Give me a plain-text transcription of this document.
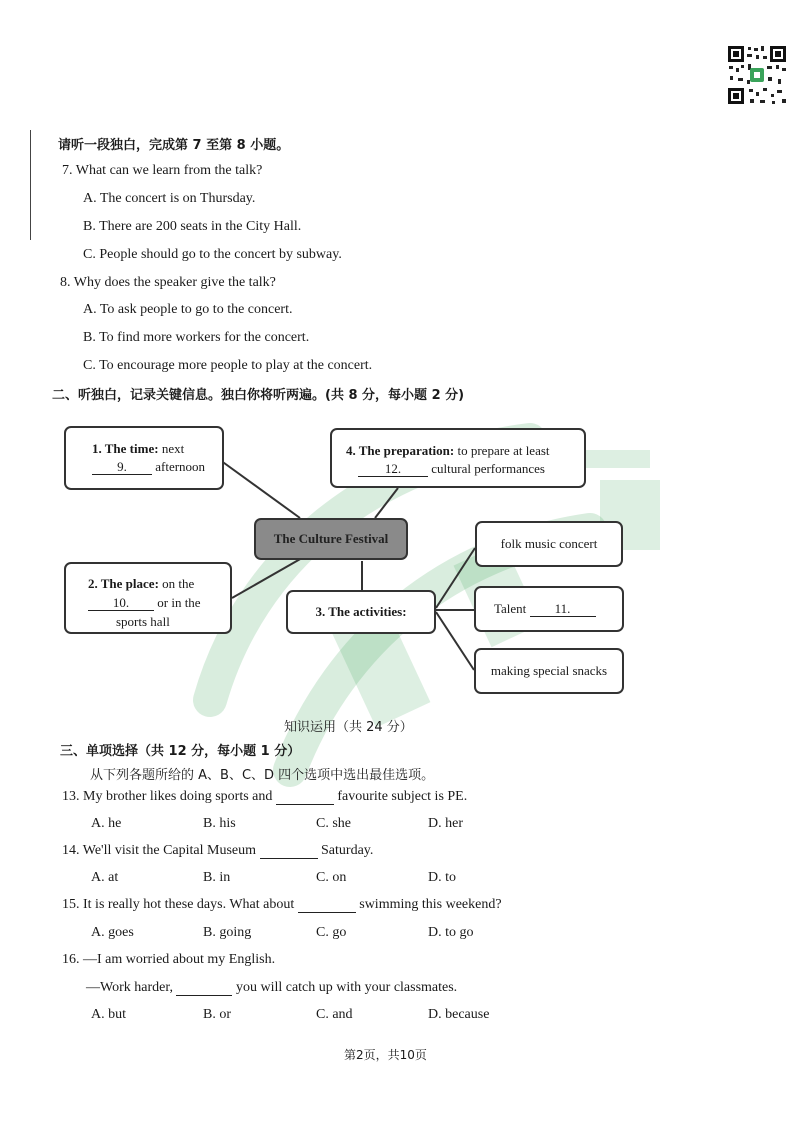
请听一段独白，完成第 7 至第 8 小题。
7. What can we learn from the talk?
A. The concert is on Thursday.
B. There are 200 seats in the City Hall.
C. People should go to the concert by subway.
8. Why does the speaker give the talk?
A. To ask people to go to the concert.
B. To find more workers for the concert.
C. To encourage more people to play at the concert.
二、听独白，记录关键信息。独白你将听两遍。(共 8 分，每小题 2 分)
1. The time: next
9. afternoon
4. The preparation: to prepare at least
12. cultural performances
The Culture Festival
2. The place: on the
10. or in the
sports hall
3. The activities:
folk music concert
Talent
	11.
making special snacks
知识运用（共 24 分）
三、单项选择（共 12 分，每小题 1 分）
从下列各题所给的 A、B、C、D 四个选项中选出最佳选项。
13. My brother likes doing sports and	favourite subject is PE.
A. he	B. his	C. she	D. her
14. We'll visit the Capital Museum	Saturday.
A. at	B. in	C. on	D. to
15. It is really hot these days. What about	swimming this weekend?
A. goes	B. going	C. go	D. to go
16. —I am worried about my English.
—Work harder,	you will catch up with your classmates.
A. but	B. or	C. and	D. because
第2页，共10页
